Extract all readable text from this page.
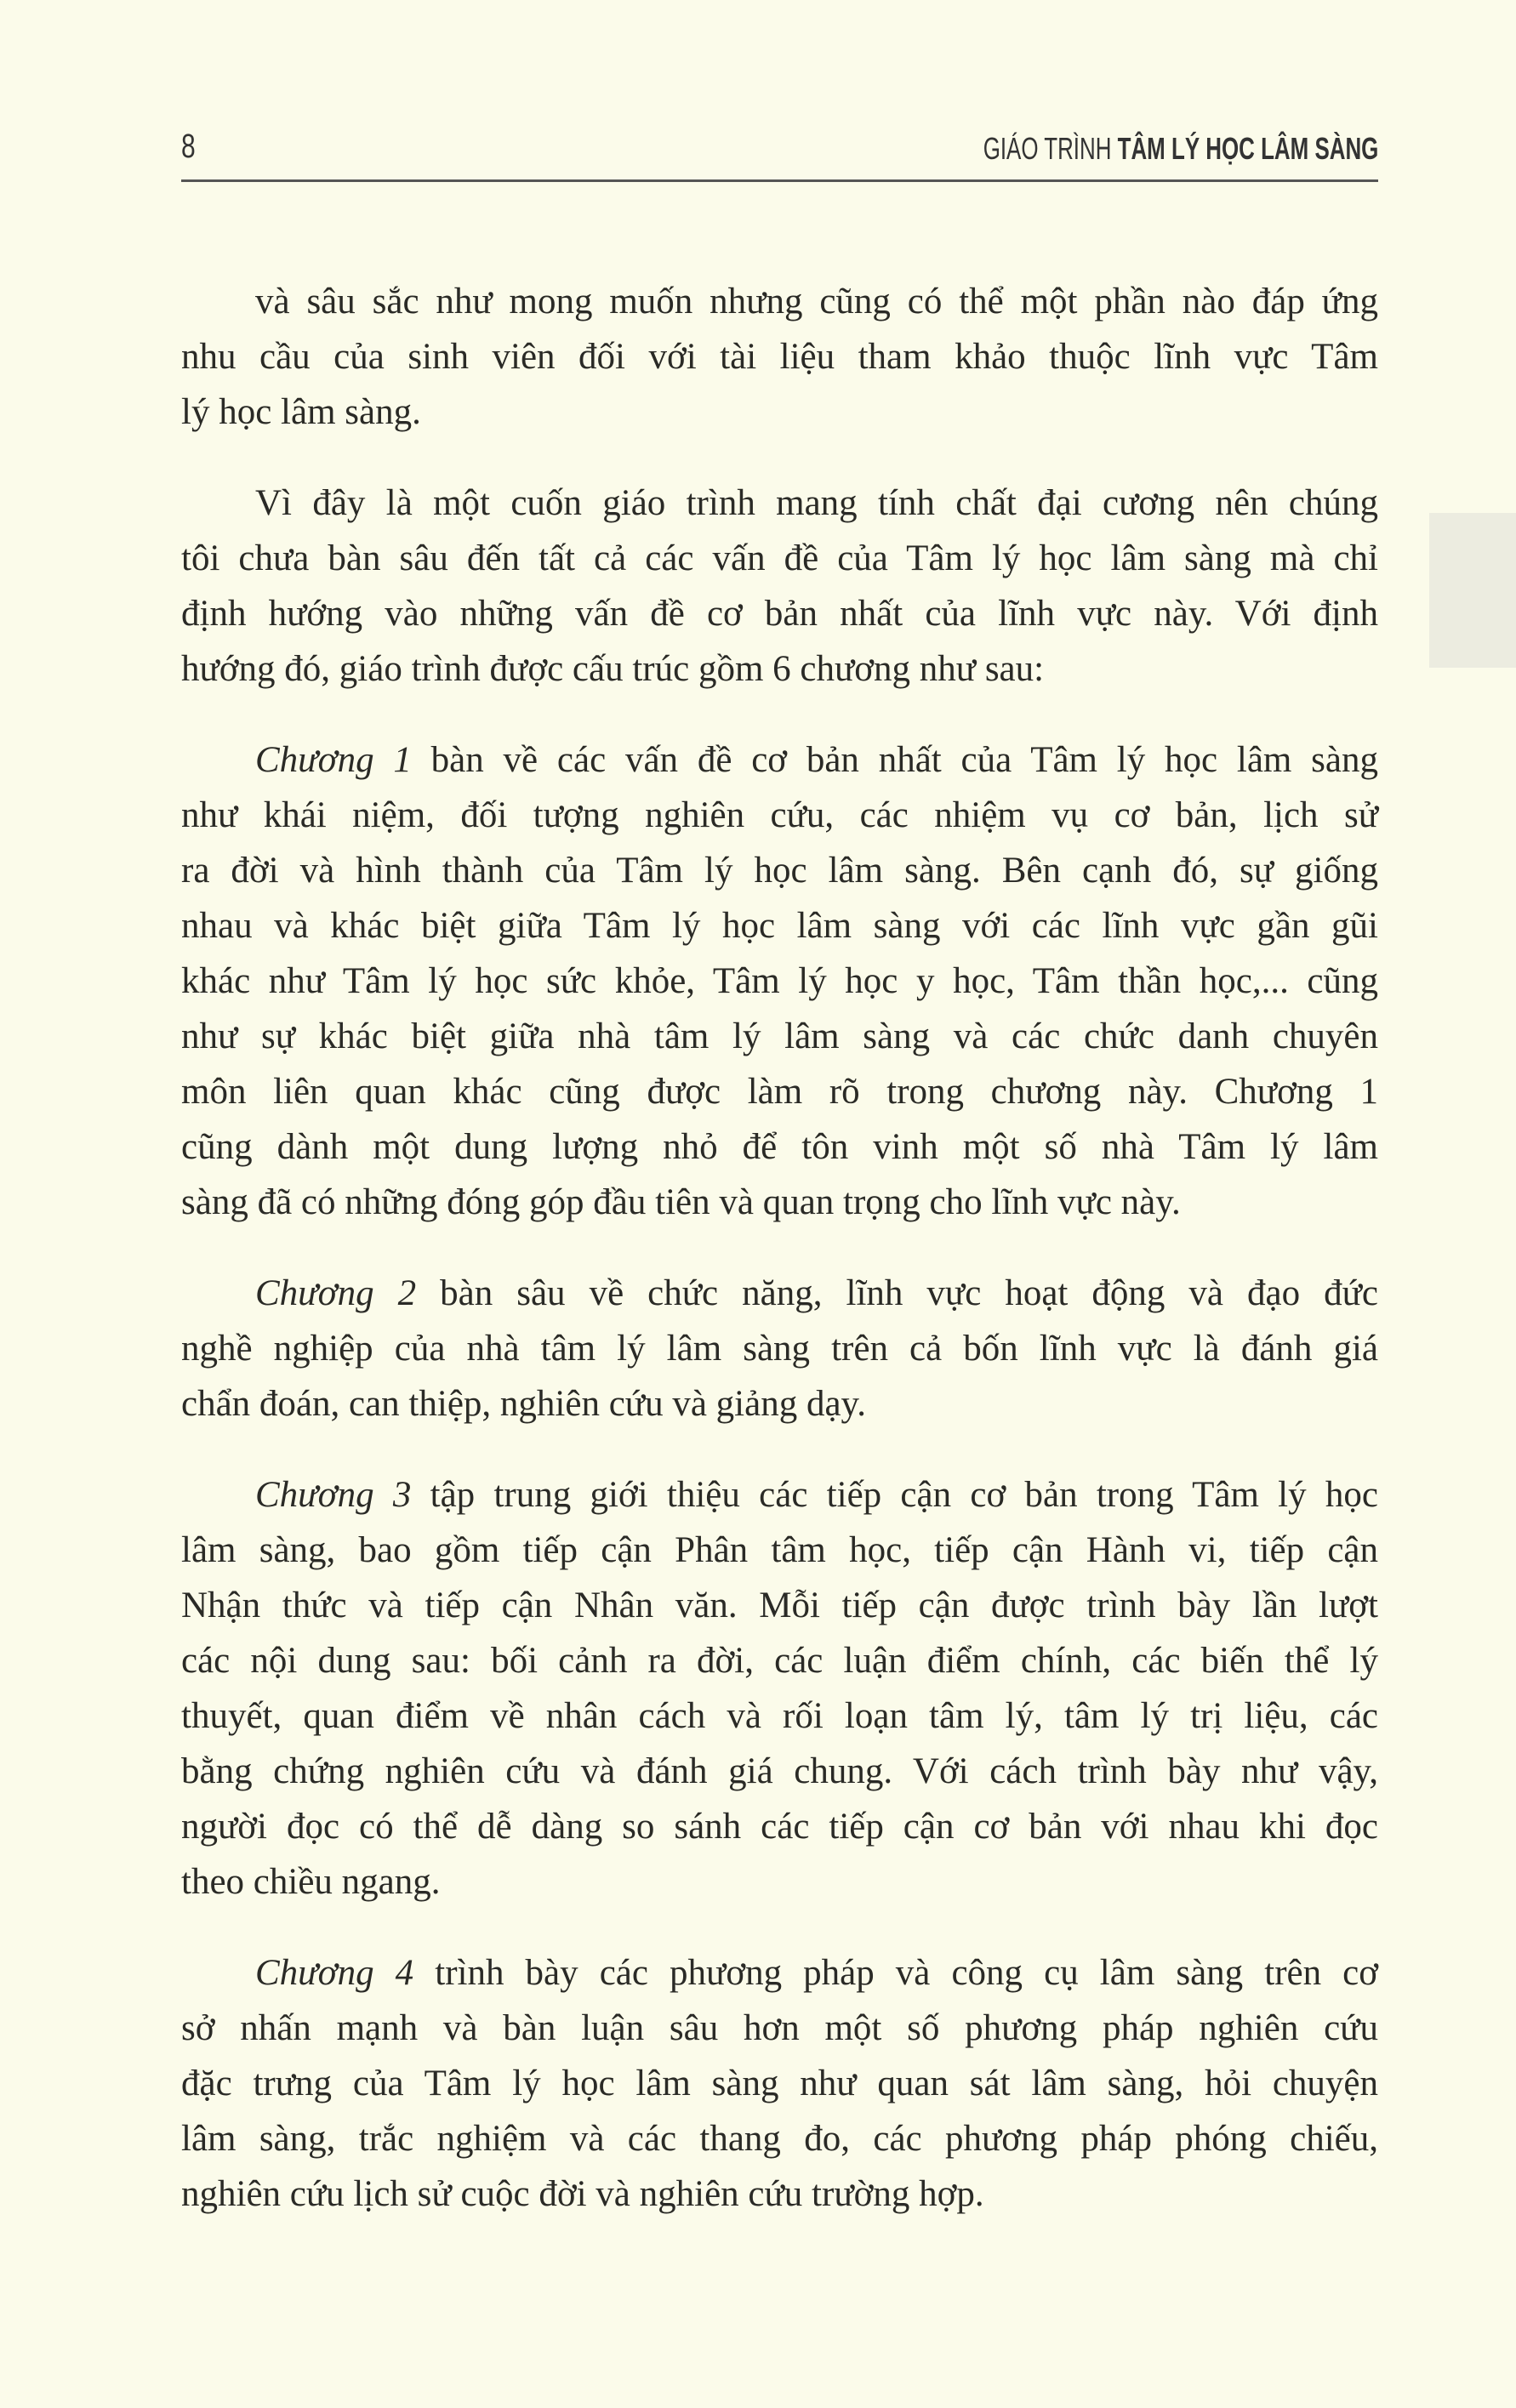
8	GIÁO TRÌNH TÂM LÝ HỌC LÂM SÀNG
và sâu sắc như mong muốn nhưng cũng có thể một phần nào đáp ứng
nhu cầu của sinh viên đối với tài liệu tham khảo thuộc lĩnh vực Tâm
lý học lâm sàng.
Vì đây là một cuốn giáo trình mang tính chất đại cương nên chúng
tôi chưa bàn sâu đến tất cả các vấn đề của Tâm lý học lâm sàng mà chỉ
định hướng vào những vấn đề cơ bản nhất của lĩnh vực này. Với định
hướng đó, giáo trình được cấu trúc gồm 6 chương như sau:
Chương 1 bàn về các vấn đề cơ bản nhất của Tâm lý học lâm sàng
như khái niệm, đối tượng nghiên cứu, các nhiệm vụ cơ bản, lịch sử
ra đời và hình thành của Tâm lý học lâm sàng. Bên cạnh đó, sự giống
nhau và khác biệt giữa Tâm lý học lâm sàng với các lĩnh vực gần gũi
khác như Tâm lý học sức khỏe, Tâm lý học y học, Tâm thần học,... cũng
như sự khác biệt giữa nhà tâm lý lâm sàng và các chức danh chuyên
môn liên quan khác cũng được làm rõ trong chương này. Chương 1
cũng dành một dung lượng nhỏ để tôn vinh một số nhà Tâm lý lâm
sàng đã có những đóng góp đầu tiên và quan trọng cho lĩnh vực này.
Chương 2 bàn sâu về chức năng, lĩnh vực hoạt động và đạo đức
nghề nghiệp của nhà tâm lý lâm sàng trên cả bốn lĩnh vực là đánh giá
chẩn đoán, can thiệp, nghiên cứu và giảng dạy.
Chương 3 tập trung giới thiệu các tiếp cận cơ bản trong Tâm lý học
lâm sàng, bao gồm tiếp cận Phân tâm học, tiếp cận Hành vi, tiếp cận
Nhận thức và tiếp cận Nhân văn. Mỗi tiếp cận được trình bày lần lượt
các nội dung sau: bối cảnh ra đời, các luận điểm chính, các biến thể lý
thuyết, quan điểm về nhân cách và rối loạn tâm lý, tâm lý trị liệu, các
bằng chứng nghiên cứu và đánh giá chung. Với cách trình bày như vậy,
người đọc có thể dễ dàng so sánh các tiếp cận cơ bản với nhau khi đọc
theo chiều ngang.
Chương 4 trình bày các phương pháp và công cụ lâm sàng trên cơ
sở nhấn mạnh và bàn luận sâu hơn một số phương pháp nghiên cứu
đặc trưng của Tâm lý học lâm sàng như quan sát lâm sàng, hỏi chuyện
lâm sàng, trắc nghiệm và các thang đo, các phương pháp phóng chiếu,
nghiên cứu lịch sử cuộc đời và nghiên cứu trường hợp.
